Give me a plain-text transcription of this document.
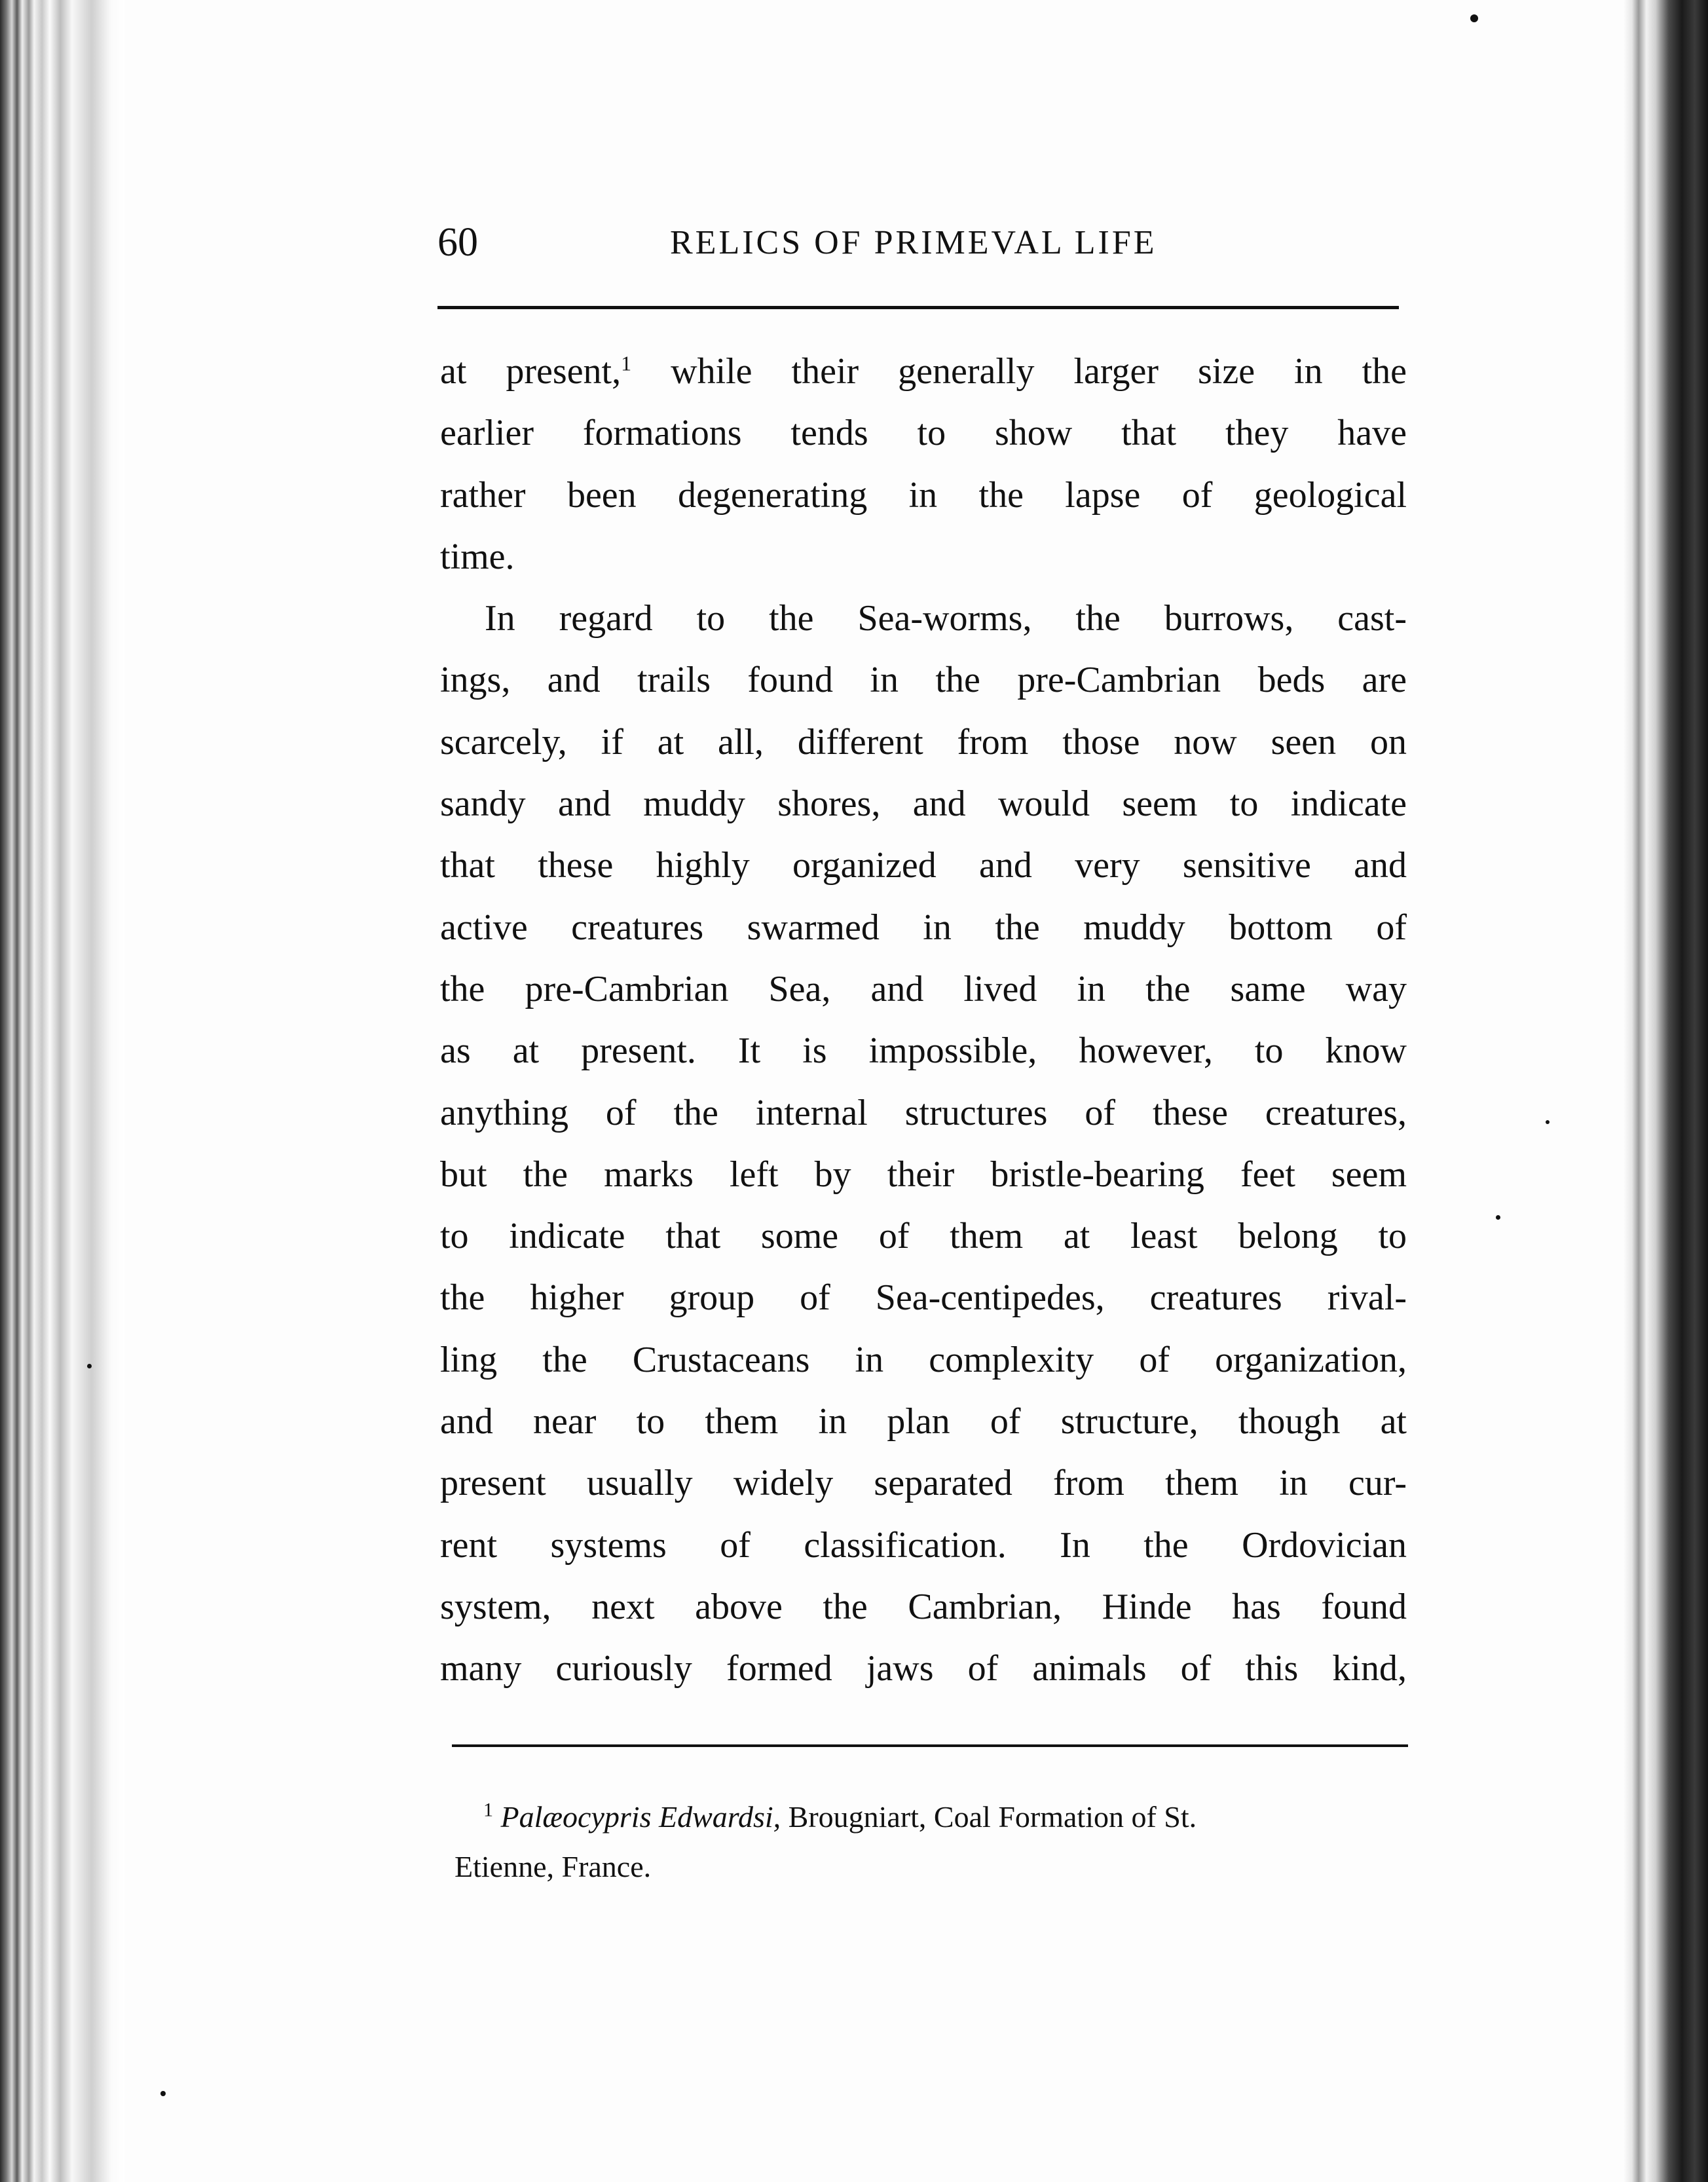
60	RELICS OF PRIMEVAL LIFE
at present,$^1$ while their generally larger size in the
earlier formations tends to show that they have
rather been degenerating in the lapse of geological
time.
In regard to the Sea-worms, the burrows, cast-
ings, and trails found in the pre-Cambrian beds are
scarcely, if at all, different from those now seen on
sandy and muddy shores, and would seem to indicate
that these highly organized and very sensitive and
active creatures swarmed in the muddy bottom of
the pre-Cambrian Sea, and lived in the same way
as at present. It is impossible, however, to know
anything of the internal structures of these creatures,
but the marks left by their bristle-bearing feet seem
to indicate that some of them at least belong to
the higher group of Sea-centipedes, creatures rival-
ling the Crustaceans in complexity of organization,
and near to them in plan of structure, though at
present usually widely separated from them in cur-
rent systems of classification. In the Ordovician
system, next above the Cambrian, Hinde has found
many curiously formed jaws of animals of this kind,
$^1$ Palæocypris Edwardsi, Brougniart, Coal Formation of St.
Etienne, France.
